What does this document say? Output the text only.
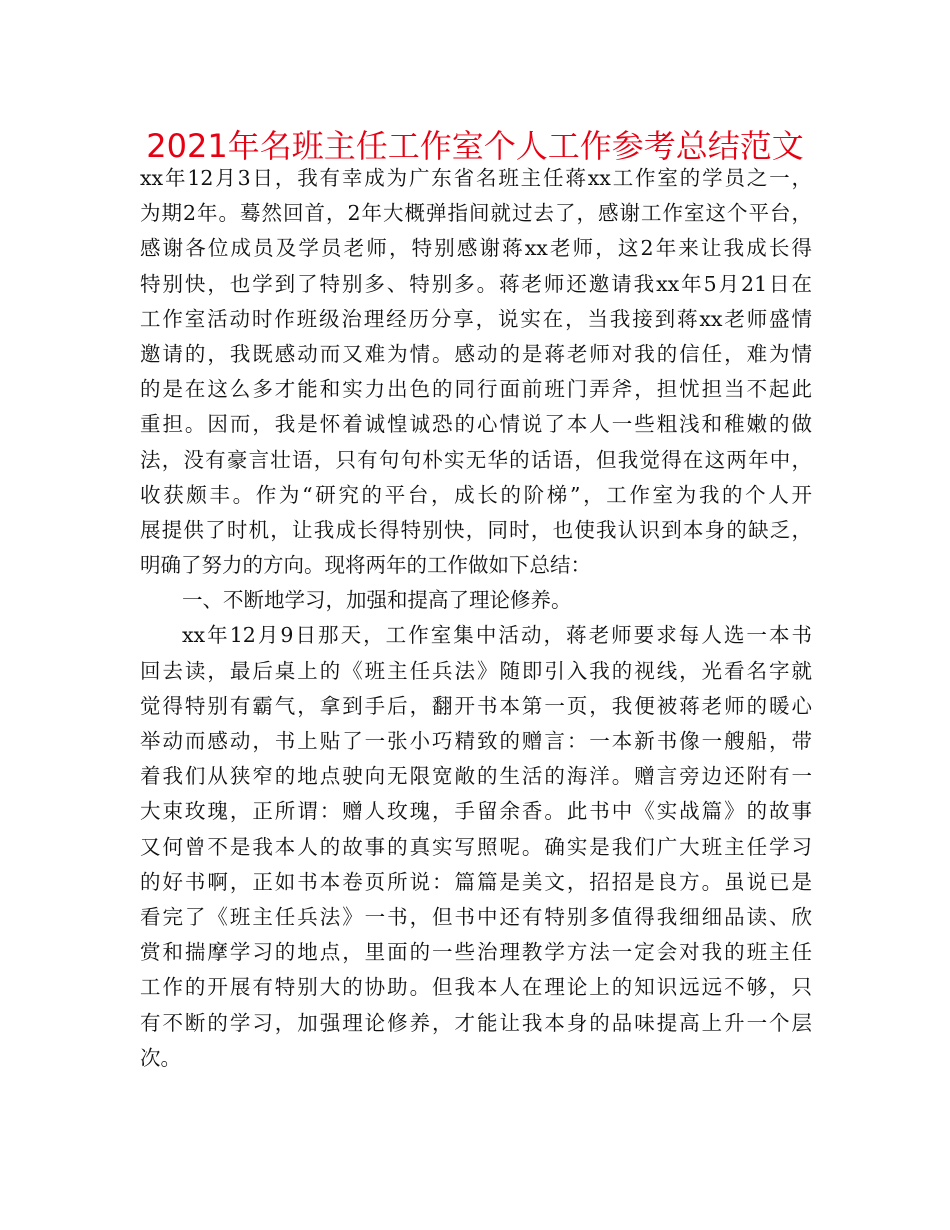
2021年名班主任工作室个人工作参考总结范文
xx年12月3日，我有幸成为广东省名班主任蒋xx工作室的学员之一，
为期2年。蓦然回首，2年大概弹指间就过去了，感谢工作室这个平台，
感谢各位成员及学员老师，特别感谢蒋xx老师，这2年来让我成长得
特别快，也学到了特别多、特别多。蒋老师还邀请我xx年5月21日在
工作室活动时作班级治理经历分享，说实在，当我接到蒋xx老师盛情
邀请的，我既感动而又难为情。感动的是蒋老师对我的信任，难为情
的是在这么多才能和实力出色的同行面前班门弄斧，担忧担当不起此
重担。因而，我是怀着诚惶诚恐的心情说了本人一些粗浅和稚嫩的做
法，没有豪言壮语，只有句句朴实无华的话语，但我觉得在这两年中，
收获颇丰。作为“研究的平台，成长的阶梯”，工作室为我的个人开
展提供了时机，让我成长得特别快，同时，也使我认识到本身的缺乏，
明确了努力的方向。现将两年的工作做如下总结：
一、不断地学习，加强和提高了理论修养。
xx年12月9日那天，工作室集中活动，蒋老师要求每人选一本书
回去读，最后桌上的《班主任兵法》随即引入我的视线，光看名字就
觉得特别有霸气，拿到手后，翻开书本第一页，我便被蒋老师的暖心
举动而感动，书上贴了一张小巧精致的赠言：一本新书像一艘船，带
着我们从狭窄的地点驶向无限宽敞的生活的海洋。赠言旁边还附有一
大束玫瑰，正所谓：赠人玫瑰，手留余香。此书中《实战篇》的故事
又何曾不是我本人的故事的真实写照呢。确实是我们广大班主任学习
的好书啊，正如书本卷页所说：篇篇是美文，招招是良方。虽说已是
看完了《班主任兵法》一书，但书中还有特别多值得我细细品读、欣
赏和揣摩学习的地点，里面的一些治理教学方法一定会对我的班主任
工作的开展有特别大的协助。但我本人在理论上的知识远远不够，只
有不断的学习，加强理论修养，才能让我本身的品味提高上升一个层
次。
